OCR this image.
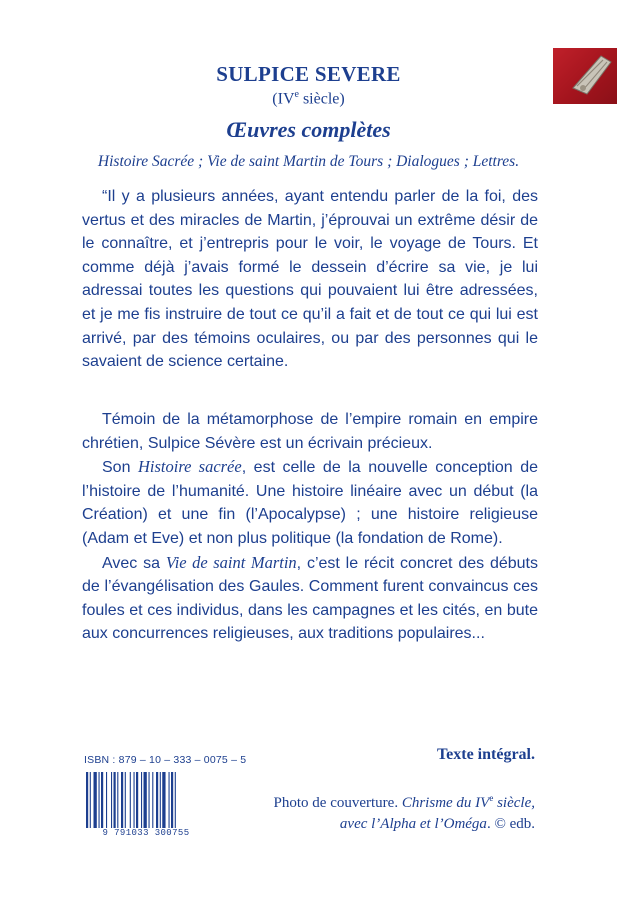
SULPICE SEVERE
(IVe siècle)
Œuvres complètes
Histoire Sacrée ; Vie de saint Martin de Tours ; Dialogues ; Lettres.

“Il y a plusieurs années, ayant entendu parler de la foi, des vertus et des miracles de Martin, j’éprouvai un extrême désir de le connaître, et j’entrepris pour le voir, le voyage de Tours. Et comme déjà j’avais formé le dessein d’écrire sa vie, je lui adressai toutes les questions qui pouvaient lui être adressées, et je me fis instruire de tout ce qu’il a fait et de tout ce qui lui est arrivé, par des témoins oculaires, ou par des personnes qui le savaient de science certaine.

Témoin de la métamorphose de l’empire romain en empire chrétien, Sulpice Sévère est un écrivain précieux.

Son Histoire sacrée, est celle de la nouvelle conception de l’histoire de l’humanité. Une histoire linéaire avec un début (la Création) et une fin (l’Apocalypse) ; une histoire religieuse (Adam et Eve) et non plus politique (la fondation de Rome).

Avec sa Vie de saint Martin, c’est le récit concret des débuts de l’évangélisation des Gaules. Comment furent convaincus ces foules et ces individus, dans les campagnes et les cités, en bute aux concurrences religieuses, aux traditions populaires...

ISBN : 879 – 10 – 333 – 0075 – 5
9 791033 300755
Texte intégral.
Photo de couverture. Chrisme du IVe siècle,
avec l’Alpha et l’Oméga. © edb.
